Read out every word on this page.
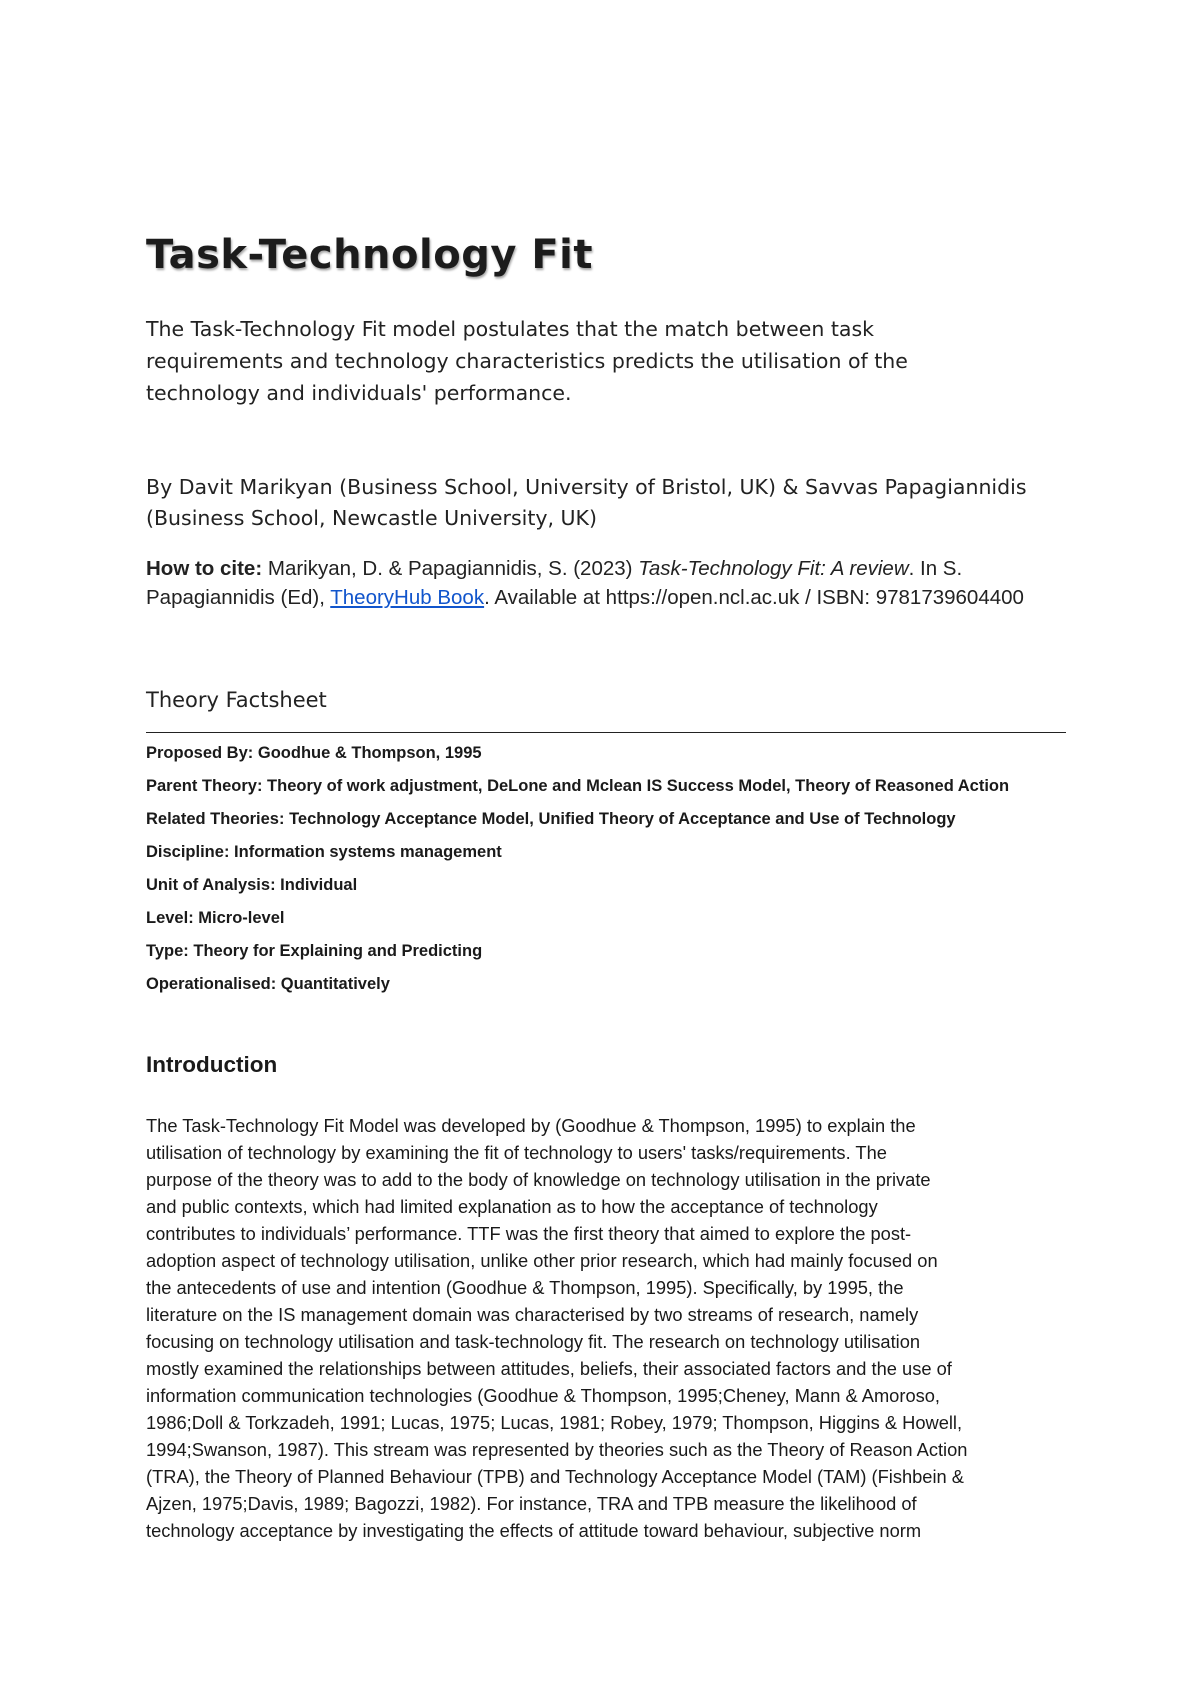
Task-Technology Fit

The Task-Technology Fit model postulates that the match between task requirements and technology characteristics predicts the utilisation of the technology and individuals' performance.

By Davit Marikyan (Business School, University of Bristol, UK) & Savvas Papagiannidis (Business School, Newcastle University, UK)

How to cite: Marikyan, D. & Papagiannidis, S. (2023) Task-Technology Fit: A review. In S. Papagiannidis (Ed), TheoryHub Book. Available at https://open.ncl.ac.uk / ISBN: 9781739604400

Theory Factsheet
Proposed By: Goodhue & Thompson, 1995
Parent Theory: Theory of work adjustment, DeLone and Mclean IS Success Model, Theory of Reasoned Action
Related Theories: Technology Acceptance Model, Unified Theory of Acceptance and Use of Technology
Discipline: Information systems management
Unit of Analysis: Individual
Level: Micro-level
Type: Theory for Explaining and Predicting
Operationalised: Quantitatively
Introduction

The Task-Technology Fit Model was developed by (Goodhue & Thompson, 1995) to explain the
utilisation of technology by examining the fit of technology to users' tasks/requirements. The
purpose of the theory was to add to the body of knowledge on technology utilisation in the private
and public contexts, which had limited explanation as to how the acceptance of technology
contributes to individuals’ performance. TTF was the first theory that aimed to explore the post-
adoption aspect of technology utilisation, unlike other prior research, which had mainly focused on
the antecedents of use and intention (Goodhue & Thompson, 1995). Specifically, by 1995, the
literature on the IS management domain was characterised by two streams of research, namely
focusing on technology utilisation and task-technology fit. The research on technology utilisation
mostly examined the relationships between attitudes, beliefs, their associated factors and the use of
information communication technologies (Goodhue & Thompson, 1995;Cheney, Mann & Amoroso,
1986;Doll & Torkzadeh, 1991; Lucas, 1975; Lucas, 1981; Robey, 1979; Thompson, Higgins & Howell,
1994;Swanson, 1987). This stream was represented by theories such as the Theory of Reason Action
(TRA), the Theory of Planned Behaviour (TPB) and Technology Acceptance Model (TAM) (Fishbein &
Ajzen, 1975;Davis, 1989; Bagozzi, 1982). For instance, TRA and TPB measure the likelihood of
technology acceptance by investigating the effects of attitude toward behaviour, subjective norm
